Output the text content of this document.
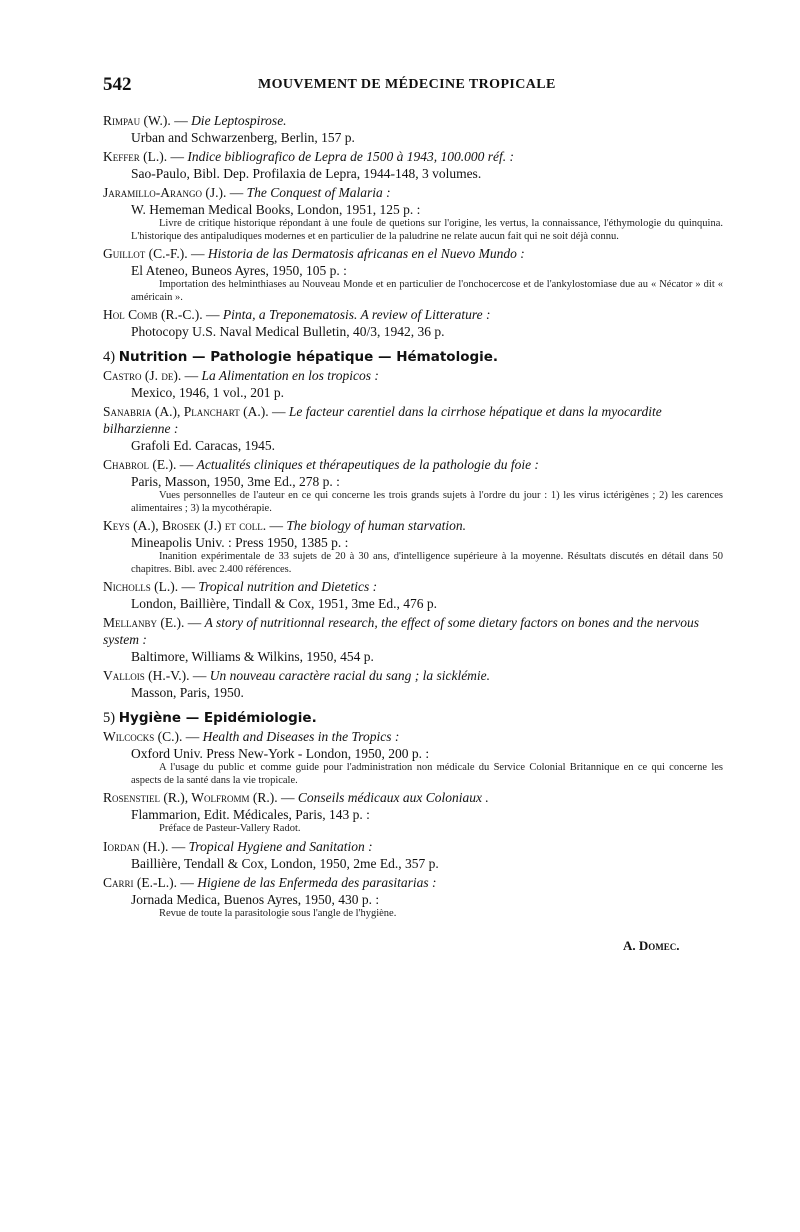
542	MOUVEMENT DE MÉDECINE TROPICALE
Rimpau (W.). — Die Leptospirose.
Urban and Schwarzenberg, Berlin, 157 p.
Keffer (L.). — Indice bibliografico de Lepra de 1500 à 1943, 100.000 réf. :
Sao-Paulo, Bibl. Dep. Profilaxia de Lepra, 1944-148, 3 volumes.
Jaramillo-Arango (J.). — The Conquest of Malaria :
W. Hememan Medical Books, London, 1951, 125 p. :
Livre de critique historique répondant à une foule de quetions sur l'origine, les vertus, la connaissance, l'éthymologie du quinquina. L'historique des antipaludiques modernes et en particulier de la paludrine ne relate aucun fait qui ne soit déjà connu.
Guillot (C.-F.). — Historia de las Dermatosis africanas en el Nuevo Mundo :
El Ateneo, Buneos Ayres, 1950, 105 p. :
Importation des helminthiases au Nouveau Monde et en particulier de l'onchocercose et de l'ankylostomiase due au « Nécator » dit « américain ».
Hol Comb (R.-C.). — Pinta, a Treponematosis. A review of Litterature :
Photocopy U.S. Naval Medical Bulletin, 40/3, 1942, 36 p.
4) Nutrition — Pathologie hépatique — Hématologie.
Castro (J. de). — La Alimentation en los tropicos :
Mexico, 1946, 1 vol., 201 p.
Sanabria (A.), Planchart (A.). — Le facteur carentiel dans la cirrhose hépatique et dans la myocardite bilharzienne :
Grafoli Ed. Caracas, 1945.
Chabrol (E.). — Actualités cliniques et thérapeutiques de la pathologie du foie :
Paris, Masson, 1950, 3me Ed., 278 p. :
Vues personnelles de l'auteur en ce qui concerne les trois grands sujets à l'ordre du jour : 1) les virus ictérigènes ; 2) les carences alimentaires ; 3) la mycothérapie.
Keys (A.), Brosek (J.) et coll. — The biology of human starvation.
Mineapolis Univ. : Press 1950, 1385 p. :
Inanition expérimentale de 33 sujets de 20 à 30 ans, d'intelligence supérieure à la moyenne. Résultats discutés en détail dans 50 chapitres. Bibl. avec 2.400 références.
Nicholls (L.). — Tropical nutrition and Dietetics :
London, Baillière, Tindall & Cox, 1951, 3me Ed., 476 p.
Mellanby (E.). — A story of nutritionnal research, the effect of some dietary factors on bones and the nervous system :
Baltimore, Williams & Wilkins, 1950, 454 p.
Vallois (H.-V.). — Un nouveau caractère racial du sang ; la sicklémie.
Masson, Paris, 1950.
5) Hygiène — Epidémiologie.
Wilcocks (C.). — Health and Diseases in the Tropics :
Oxford Univ. Press New-York - London, 1950, 200 p. :
A l'usage du public et comme guide pour l'administration non médicale du Service Colonial Britannique en ce qui concerne les aspects de la santé dans la vie tropicale.
Rosenstiel (R.), Wolfromm (R.). — Conseils médicaux aux Coloniaux .
Flammarion, Edit. Médicales, Paris, 143 p. :
Préface de Pasteur-Vallery Radot.
Iordan (H.). — Tropical Hygiene and Sanitation :
Baillière, Tendall & Cox, London, 1950, 2me Ed., 357 p.
Carri (E.-L.). — Higiene de las Enfermeda des parasitarias :
Jornada Medica, Buenos Ayres, 1950, 430 p. :
Revue de toute la parasitologie sous l'angle de l'hygiène.
A. Domec.
